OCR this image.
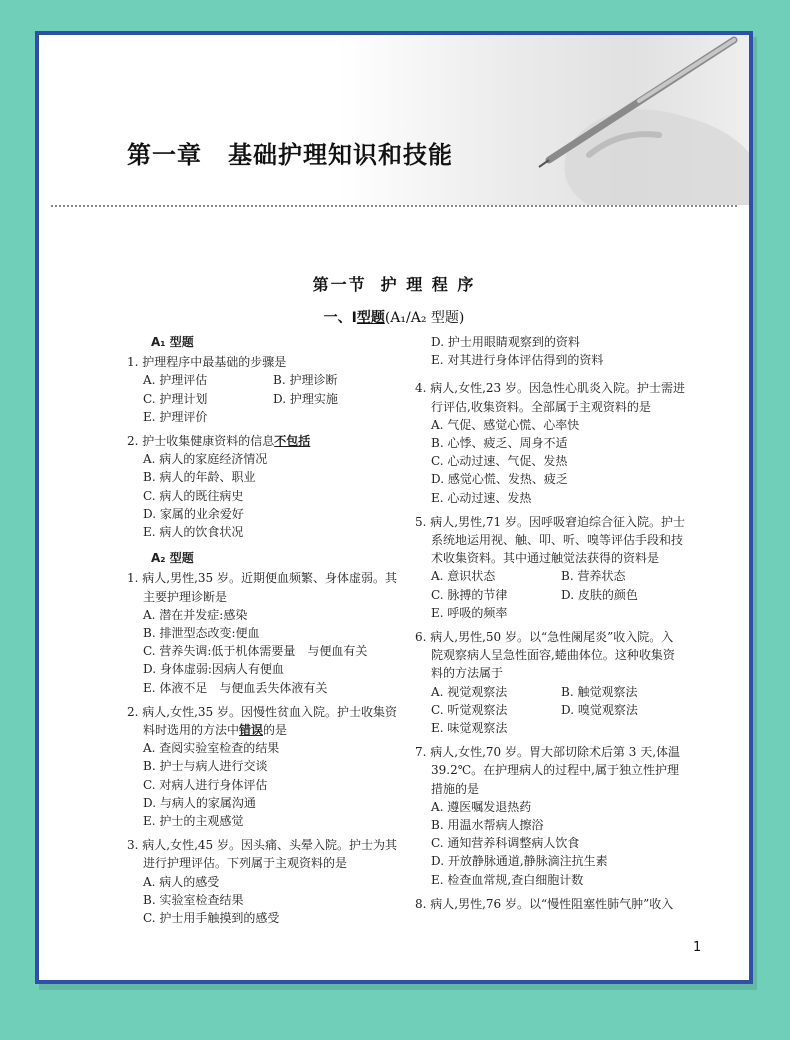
第一章 基础护理知识和技能
第一节 护 理 程 序
一、Ⅰ型题(A₁/A₂ 型题)
A₁ 型题
1. 护理程序中最基础的步骤是
A. 护理评估	B. 护理诊断
C. 护理计划	D. 护理实施
E. 护理评价
2. 护士收集健康资料的信息不包括
A. 病人的家庭经济情况
B. 病人的年龄、职业
C. 病人的既往病史
D. 家属的业余爱好
E. 病人的饮食状况
A₂ 型题
1. 病人,男性,35 岁。近期便血频繁、身体虚弱。其主要护理诊断是
A. 潜在并发症:感染
B. 排泄型态改变:便血
C. 营养失调:低于机体需要量　与便血有关
D. 身体虚弱:因病人有便血
E. 体液不足　与便血丢失体液有关
2. 病人,女性,35 岁。因慢性贫血入院。护士收集资料时选用的方法中错误的是
A. 查阅实验室检查的结果
B. 护士与病人进行交谈
C. 对病人进行身体评估
D. 与病人的家属沟通
E. 护士的主观感觉
3. 病人,女性,45 岁。因头痛、头晕入院。护士为其进行护理评估。下列属于主观资料的是
A. 病人的感受
B. 实验室检查结果
C. 护士用手触摸到的感受
D. 护士用眼睛观察到的资料
E. 对其进行身体评估得到的资料
4. 病人,女性,23 岁。因急性心肌炎入院。护士需进行评估,收集资料。全部属于主观资料的是
A. 气促、感觉心慌、心率快
B. 心悸、疲乏、周身不适
C. 心动过速、气促、发热
D. 感觉心慌、发热、疲乏
E. 心动过速、发热
5. 病人,男性,71 岁。因呼吸窘迫综合征入院。护士系统地运用视、触、叩、听、嗅等评估手段和技术收集资料。其中通过触觉法获得的资料是
A. 意识状态	B. 营养状态
C. 脉搏的节律	D. 皮肤的颜色
E. 呼吸的频率
6. 病人,男性,50 岁。以“急性阑尾炎”收入院。入院观察病人呈急性面容,蜷曲体位。这种收集资料的方法属于
A. 视觉观察法	B. 触觉观察法
C. 听觉观察法	D. 嗅觉观察法
E. 味觉观察法
7. 病人,女性,70 岁。胃大部切除术后第 3 天,体温 39.2℃。在护理病人的过程中,属于独立性护理措施的是
A. 遵医嘱发退热药
B. 用温水帮病人擦浴
C. 通知营养科调整病人饮食
D. 开放静脉通道,静脉滴注抗生素
E. 检查血常规,查白细胞计数
8. 病人,男性,76 岁。以“慢性阻塞性肺气肿”收入
1
